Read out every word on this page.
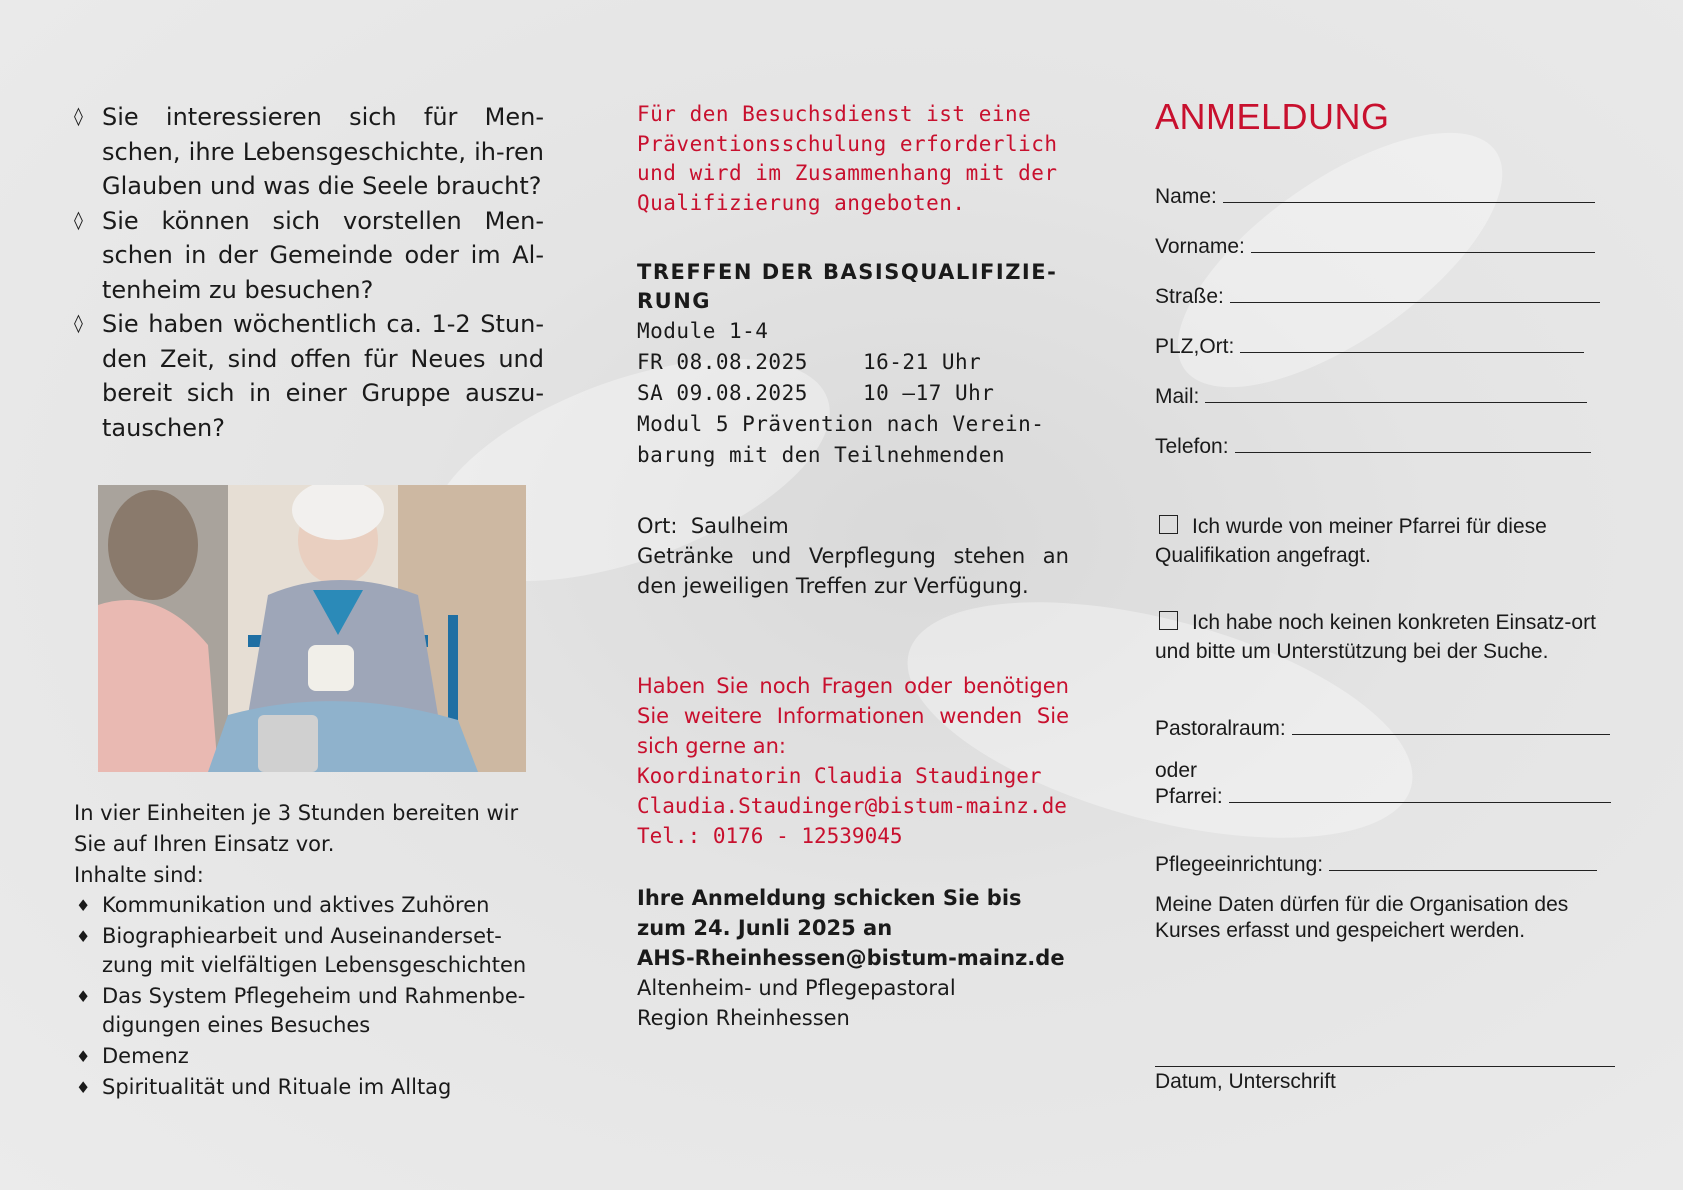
◊ Sie interessieren sich für Men-schen, ihre Lebensgeschichte, ih-ren Glauben und was die Seele braucht?
◊ Sie können sich vorstellen Men-schen in der Gemeinde oder im Al-tenheim zu besuchen?
◊ Sie haben wöchentlich ca. 1-2 Stun-den Zeit, sind offen für Neues und bereit sich in einer Gruppe auszu-tauschen?
In vier Einheiten je 3 Stunden bereiten wir Sie auf Ihren Einsatz vor.
Inhalte sind:
♦ Kommunikation und aktives Zuhören
♦ Biographiearbeit und Auseinanderset-zung mit vielfältigen Lebensgeschichten
♦ Das System Pflegeheim und Rahmenbe-digungen eines Besuches
♦ Demenz
♦ Spiritualität und Rituale im Alltag
Für den Besuchsdienst ist eine Präventionsschulung erforderlich und wird im Zusammenhang mit der Qualifizierung angeboten.
TREFFEN DER BASISQUALIFIZIE-RUNG
Module 1-4
FR 08.08.2025	16-21 Uhr
SA 09.08.2025	10 –17 Uhr
Modul 5 Prävention nach Verein-barung mit den Teilnehmenden
Ort: Saulheim
Getränke und Verpflegung stehen an den jeweiligen Treffen zur Verfügung.
Haben Sie noch Fragen oder benötigen Sie weitere Informationen wenden Sie sich gerne an:
Koordinatorin Claudia Staudinger
Claudia.Staudinger@bistum-mainz.de
Tel.: 0176 - 12539045
Ihre Anmeldung schicken Sie bis zum 24. Junli 2025 an
AHS-Rheinhessen@bistum-mainz.de
Altenheim- und Pflegepastoral
Region Rheinhessen
ANMELDUNG
Name:
Vorname:
Straße:
PLZ,Ort:
Mail:
Telefon:
Ich wurde von meiner Pfarrei für diese Qualifikation angefragt.
Ich habe noch keinen konkreten Einsatz-ort und bitte um Unterstützung bei der Suche.
Pastoralraum:
oder
Pfarrei:
Pflegeeinrichtung:
Meine Daten dürfen für die Organisation des Kurses erfasst und gespeichert werden.
Datum, Unterschrift
